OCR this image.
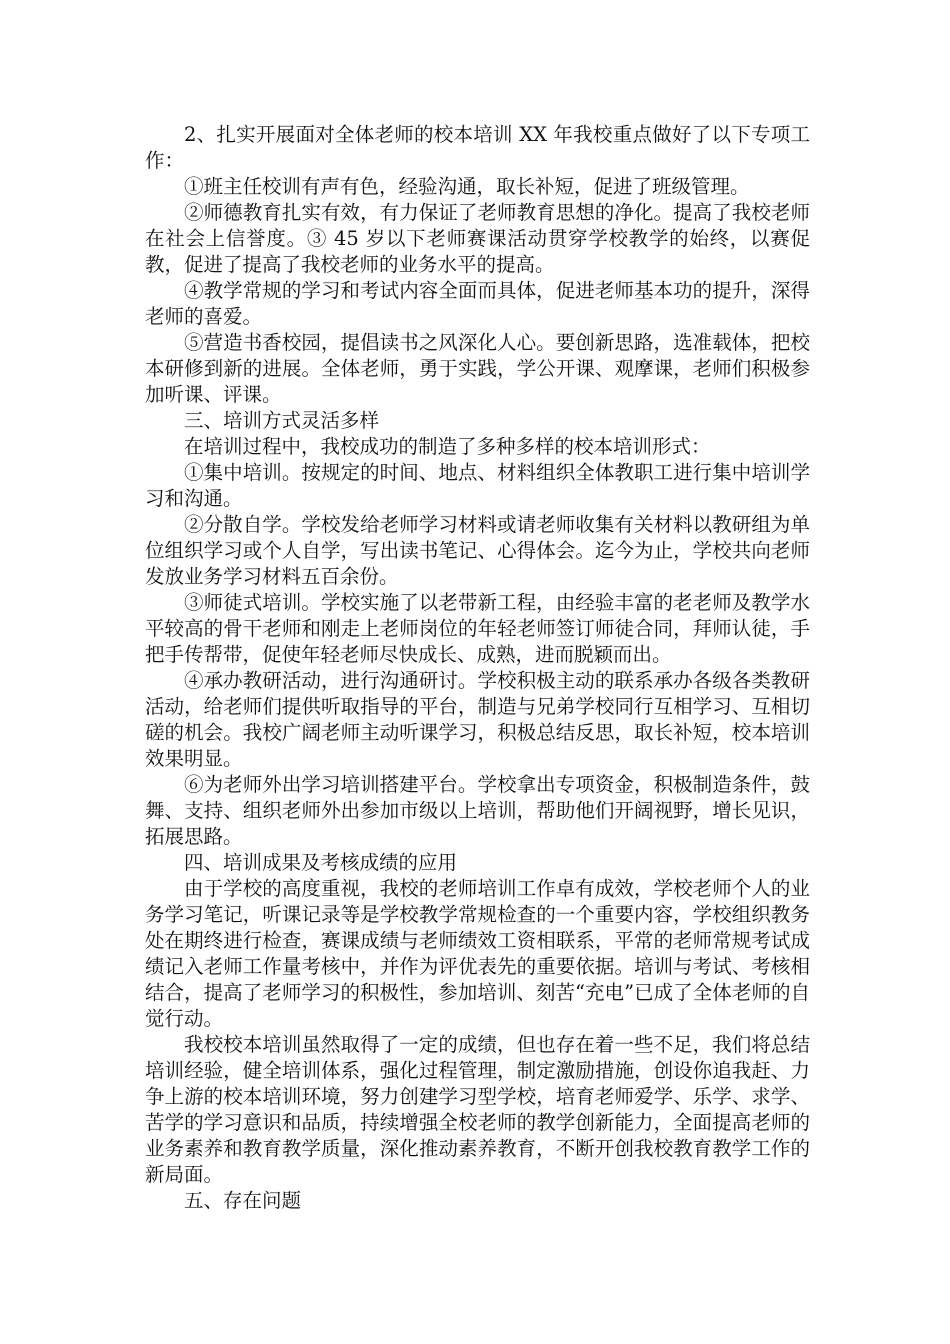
2、扎实开展面对全体老师的校本培训 XX 年我校重点做好了以下专项工作：

①班主任校训有声有色，经验沟通，取长补短，促进了班级管理。

②师德教育扎实有效，有力保证了老师教育思想的净化。提高了我校老师在社会上信誉度。③ 45 岁以下老师赛课活动贯穿学校教学的始终，以赛促教，促进了提高了我校老师的业务水平的提高。

④教学常规的学习和考试内容全面而具体，促进老师基本功的提升，深得老师的喜爱。

⑤营造书香校园，提倡读书之风深化人心。要创新思路，选准载体，把校本研修到新的进展。全体老师，勇于实践，学公开课、观摩课，老师们积极参加听课、评课。

三、培训方式灵活多样

在培训过程中，我校成功的制造了多种多样的校本培训形式：

①集中培训。按规定的时间、地点、材料组织全体教职工进行集中培训学习和沟通。

②分散自学。学校发给老师学习材料或请老师收集有关材料以教研组为单位组织学习或个人自学，写出读书笔记、心得体会。迄今为止，学校共向老师发放业务学习材料五百余份。

③师徒式培训。学校实施了以老带新工程，由经验丰富的老老师及教学水平较高的骨干老师和刚走上老师岗位的年轻老师签订师徒合同，拜师认徒，手把手传帮带，促使年轻老师尽快成长、成熟，进而脱颖而出。

④承办教研活动，进行沟通研讨。学校积极主动的联系承办各级各类教研活动，给老师们提供听取指导的平台，制造与兄弟学校同行互相学习、互相切磋的机会。我校广阔老师主动听课学习，积极总结反思，取长补短，校本培训效果明显。

⑥为老师外出学习培训搭建平台。学校拿出专项资金，积极制造条件，鼓舞、支持、组织老师外出参加市级以上培训，帮助他们开阔视野，增长见识，拓展思路。

四、培训成果及考核成绩的应用

由于学校的高度重视，我校的老师培训工作卓有成效，学校老师个人的业务学习笔记，听课记录等是学校教学常规检查的一个重要内容，学校组织教务处在期终进行检查，赛课成绩与老师绩效工资相联系，平常的老师常规考试成绩记入老师工作量考核中，并作为评优表先的重要依据。培训与考试、考核相结合，提高了老师学习的积极性，参加培训、刻苦“充电”已成了全体老师的自觉行动。

我校校本培训虽然取得了一定的成绩，但也存在着一些不足，我们将总结培训经验，健全培训体系，强化过程管理，制定激励措施，创设你追我赶、力争上游的校本培训环境，努力创建学习型学校，培育老师爱学、乐学、求学、苦学的学习意识和品质，持续增强全校老师的教学创新能力，全面提高老师的业务素养和教育教学质量，深化推动素养教育，不断开创我校教育教学工作的新局面。

五、存在问题
